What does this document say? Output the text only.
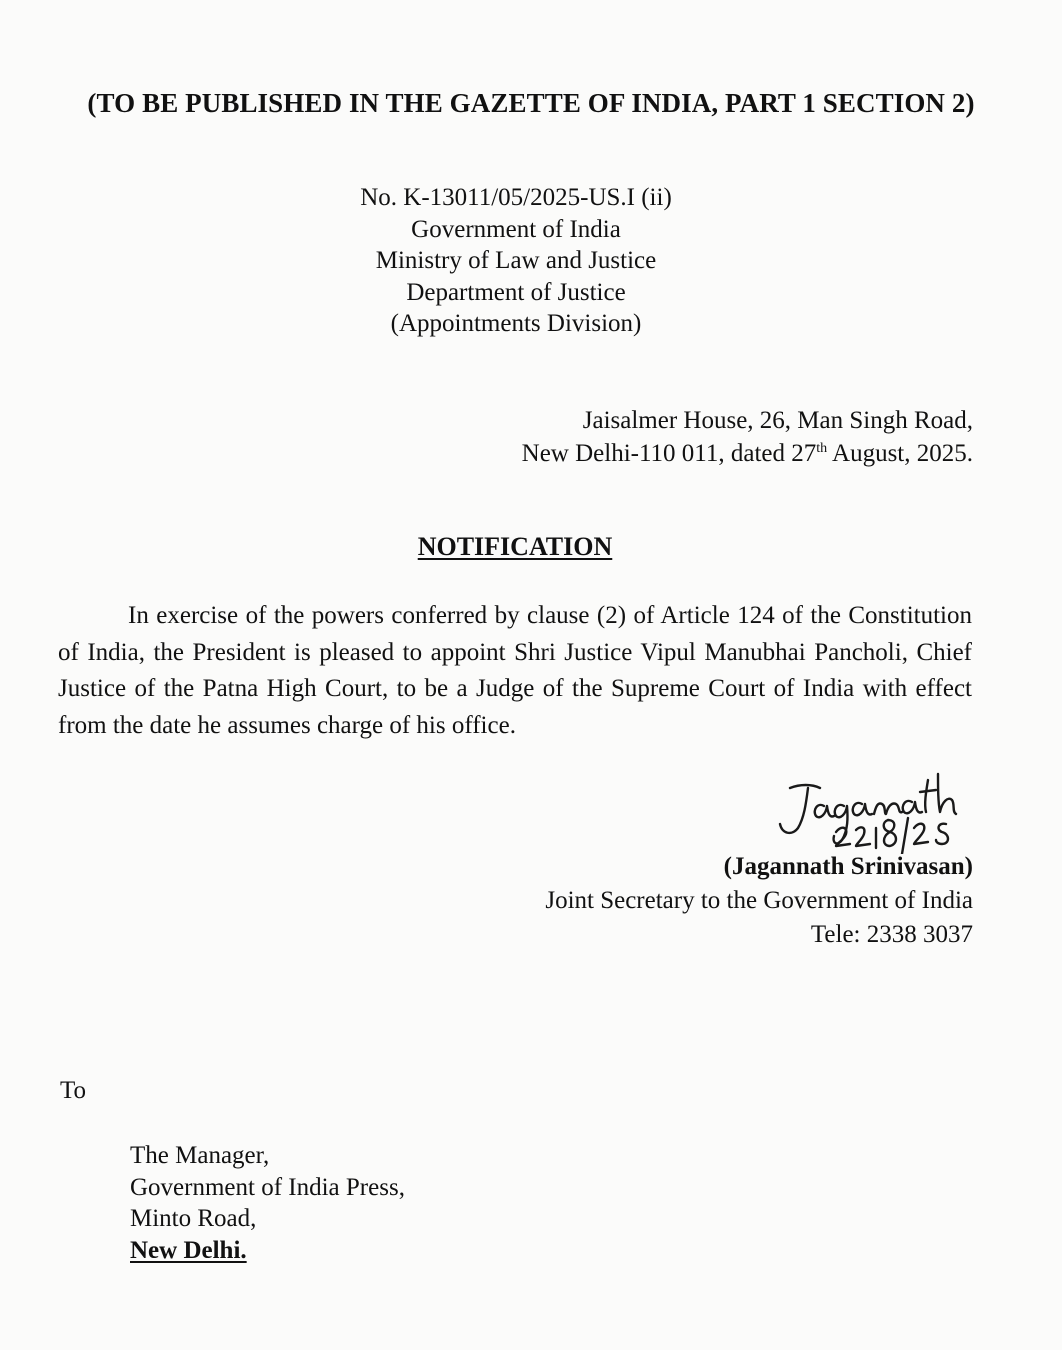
(TO BE PUBLISHED IN THE GAZETTE OF INDIA, PART 1 SECTION 2)
No. K-13011/05/2025-US.I (ii)
Government of India
Ministry of Law and Justice
Department of Justice
(Appointments Division)
Jaisalmer House, 26, Man Singh Road,
New Delhi-110 011, dated 27th August, 2025.
NOTIFICATION
In exercise of the powers conferred by clause (2) of Article 124 of the Constitution of India, the President is pleased to appoint Shri Justice Vipul Manubhai Pancholi, Chief Justice of the Patna High Court, to be a Judge of the Supreme Court of India with effect from the date he assumes charge of his office.
(Jagannath Srinivasan)
Joint Secretary to the Government of India
Tele: 2338 3037
To
The Manager,
Government of India Press,
Minto Road,
New Delhi.
